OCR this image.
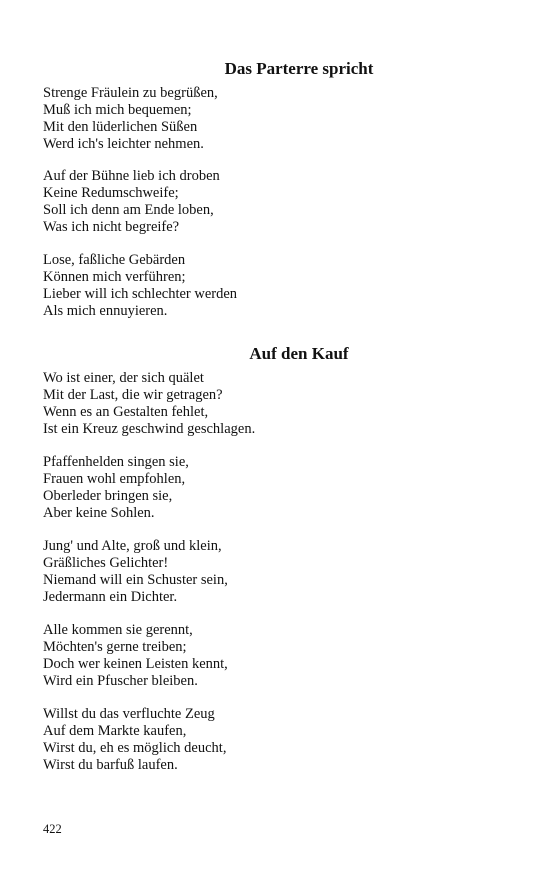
Das Parterre spricht
Strenge Fräulein zu begrüßen,
Muß ich mich bequemen;
Mit den lüderlichen Süßen
Werd ich's leichter nehmen.
Auf der Bühne lieb ich droben
Keine Redumschweife;
Soll ich denn am Ende loben,
Was ich nicht begreife?
Lose, faßliche Gebärden
Können mich verführen;
Lieber will ich schlechter werden
Als mich ennuyieren.
Auf den Kauf
Wo ist einer, der sich quälet
Mit der Last, die wir getragen?
Wenn es an Gestalten fehlet,
Ist ein Kreuz geschwind geschlagen.
Pfaffenhelden singen sie,
Frauen wohl empfohlen,
Oberleder bringen sie,
Aber keine Sohlen.
Jung' und Alte, groß und klein,
Gräßliches Gelichter!
Niemand will ein Schuster sein,
Jedermann ein Dichter.
Alle kommen sie gerennt,
Möchten's gerne treiben;
Doch wer keinen Leisten kennt,
Wird ein Pfuscher bleiben.
Willst du das verfluchte Zeug
Auf dem Markte kaufen,
Wirst du, eh es möglich deucht,
Wirst du barfuß laufen.
422
